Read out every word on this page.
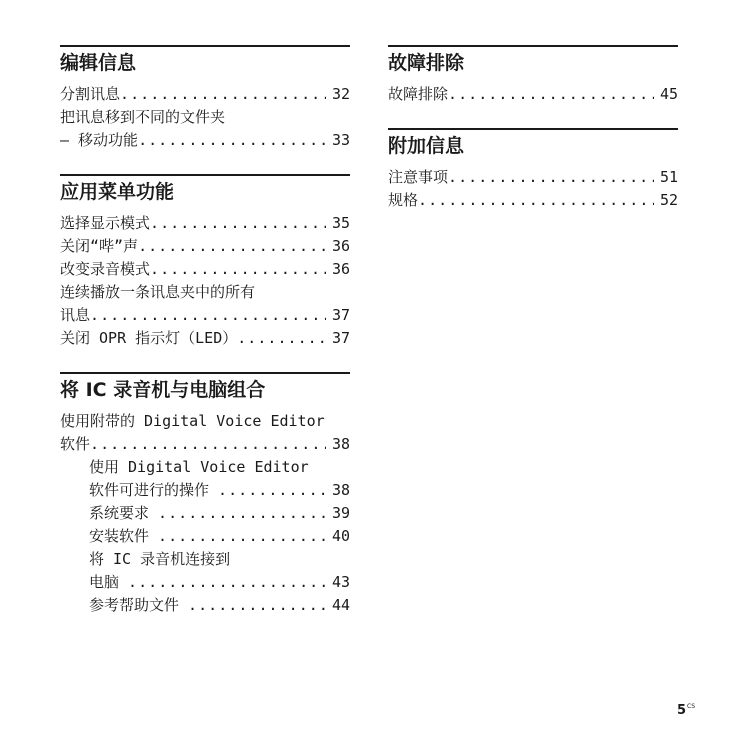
编辑信息
分割讯息 . . .	32
把讯息移到不同的文件夹
— 移动功能 . . .	33
应用菜单功能
选择显示模式 . . .	35
关闭“哔”声 . . .	36
改变录音模式 . . .	36
连续播放一条讯息夹中的所有
讯息 . . .	37
关闭 OPR 指示灯（LED） . . .	37
将 IC 录音机与电脑组合
使用附带的 Digital Voice Editor
软件 . . .	38
使用 Digital Voice Editor
软件可进行的操作 . . .	38
系统要求 . . .	39
安装软件 . . .	40
将 IC 录音机连接到
电脑 . . .	43
参考帮助文件 . . .	44
故障排除
故障排除 . . .	45
附加信息
注意事项 . . .	51
规格 . . .	52
$5^{CS}$
